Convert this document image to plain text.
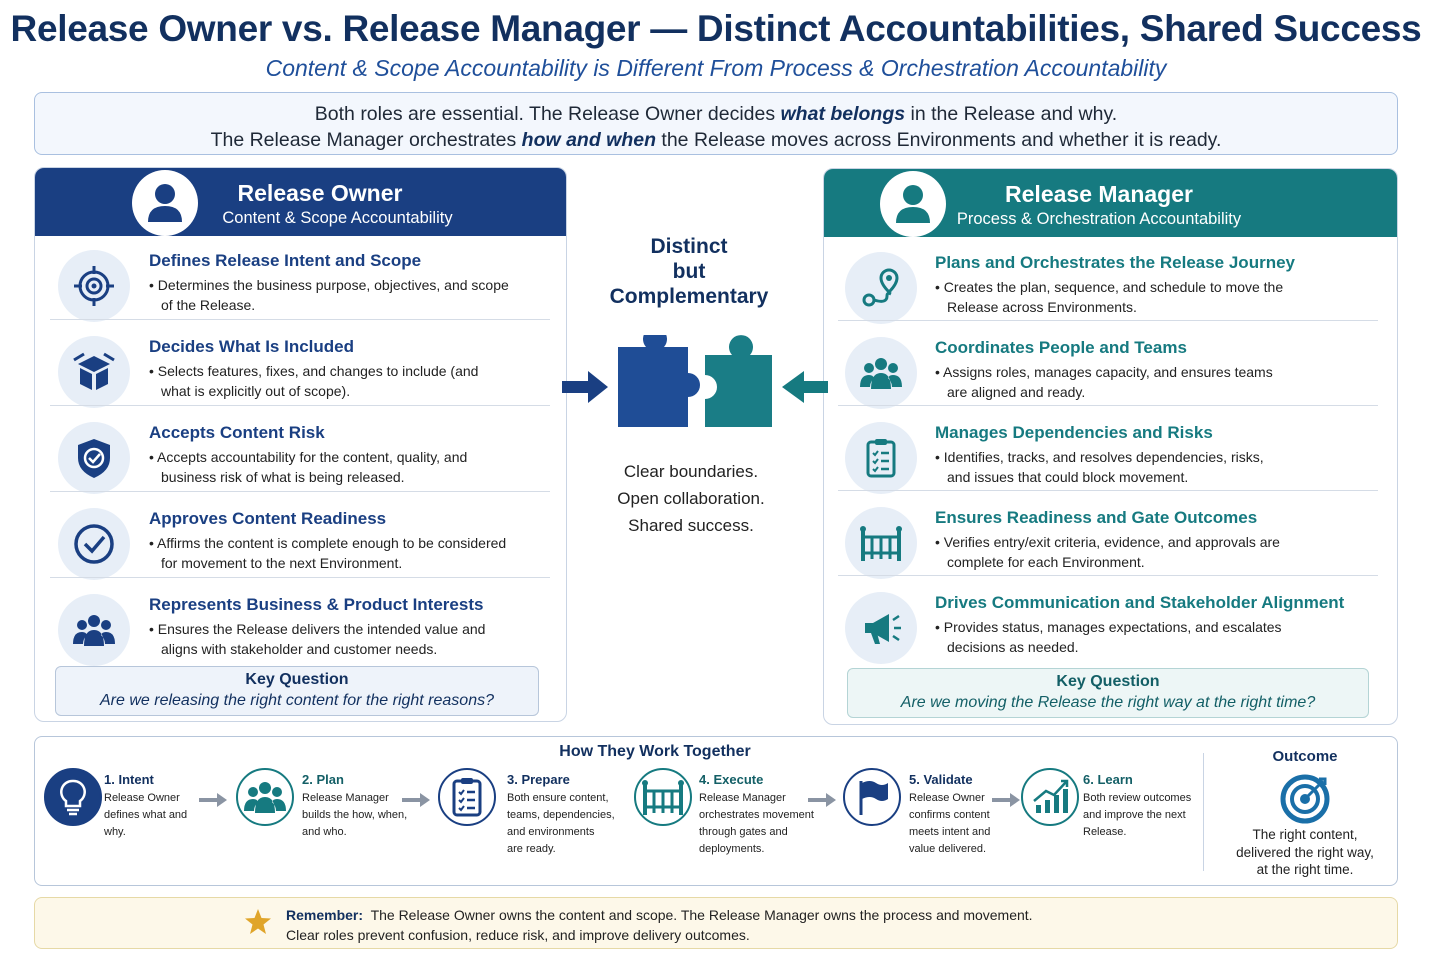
Release Owner vs. Release Manager — Distinct Accountabilities, Shared Success
Content & Scope Accountability is Different From Process & Orchestration Accountability
Both roles are essential. The Release Owner decides what belongs in the Release and why.
The Release Manager orchestrates how and when the Release moves across Environments and whether it is ready.
Release Owner
Content & Scope Accountability
Release Manager
Process & Orchestration Accountability
Defines Release Intent and Scope
• Determines the business purpose, objectives, and scope
of the Release.
Decides What Is Included
• Selects features, fixes, and changes to include (and
what is explicitly out of scope).
Accepts Content Risk
• Accepts accountability for the content, quality, and
business risk of what is being released.
Approves Content Readiness
• Affirms the content is complete enough to be considered
for movement to the next Environment.
Represents Business & Product Interests
• Ensures the Release delivers the intended value and
aligns with stakeholder and customer needs.
Plans and Orchestrates the Release Journey
• Creates the plan, sequence, and schedule to move the
Release across Environments.
Coordinates People and Teams
• Assigns roles, manages capacity, and ensures teams
are aligned and ready.
Manages Dependencies and Risks
• Identifies, tracks, and resolves dependencies, risks,
and issues that could block movement.
Ensures Readiness and Gate Outcomes
• Verifies entry/exit criteria, evidence, and approvals are
complete for each Environment.
Drives Communication and Stakeholder Alignment
• Provides status, manages expectations, and escalates
decisions as needed.
Key Question
Are we releasing the right content for the right reasons?
Key Question
Are we moving the Release the right way at the right time?
Distinct
but
Complementary
Clear boundaries.
Open collaboration.
Shared success.
How They Work Together	Outcome
The right content,
delivered the right way,
at the right time.
1. Intent
Release Owner
defines what and
why.
2. Plan
Release Manager
builds the how, when,
and who.
3. Prepare
Both ensure content,
teams, dependencies,
and environments
are ready.
4. Execute
Release Manager
orchestrates movement
through gates and
deployments.
5. Validate
Release Owner
confirms content
meets intent and
value delivered.
6. Learn
Both review outcomes
and improve the next
Release.
Remember: The Release Owner owns the content and scope. The Release Manager owns the process and movement.
Clear roles prevent confusion, reduce risk, and improve delivery outcomes.
